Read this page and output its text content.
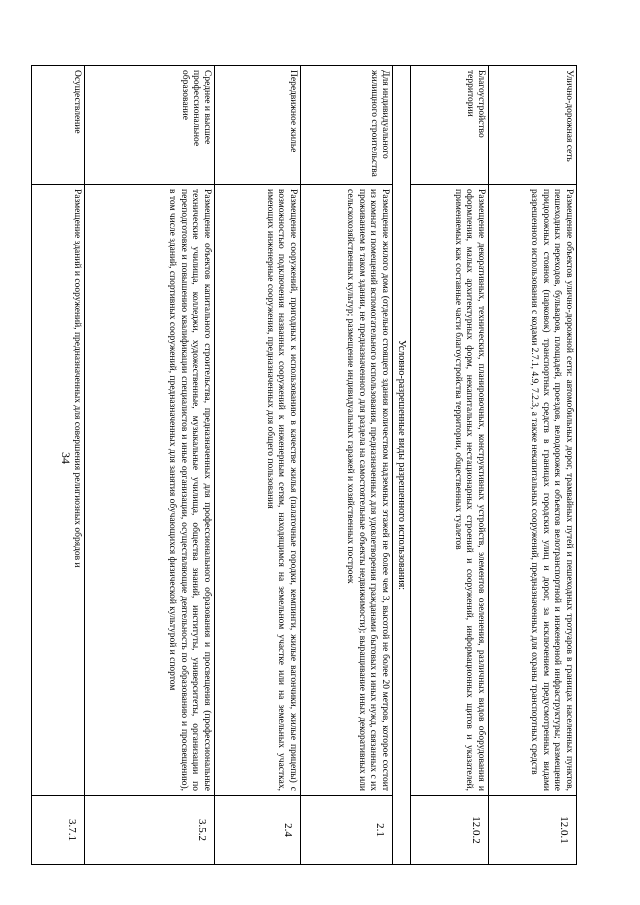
34
Улично-дорожная сеть	Размещение объектов улично-дорожной сети: автомобильных дорог, трамвайных путей и пешеходных тротуаров в границах населенных пунктов, пешеходных переходов, бульваров, площадей, проездов, велодорожек и объектов велотранспортной и инженерной инфраструктуры; размещение придорожных стоянок (парковок) транспортных средств в границах городских улиц и дорог, за исключением предусмотренных видами разрешенного использования с кодами 2.7.1, 4.9, 7.2.3, а также некапитальных сооружений, предназначенных для охраны транспортных средств	12.0.1
Благоустройство территории	Размещение декоративных, технических, планировочных, конструктивных устройств, элементов озеленения, различных видов оборудования и оформления, малых архитектурных форм, некапитальных нестационарных строений и сооружений, информационных щитов и указателей, применяемых как составные части благоустройства территории, общественных туалетов	12.0.2
Условно-разрешенные виды разрешенного использования:		
Для индивидуального жилищного строительства	Размещение жилого дома (отдельно стоящего здания количеством надземных этажей не более чем 3, высотой не более 20 метров, которое состоит из комнат и помещений вспомогательного использования, предназначенных для удовлетворения гражданами бытовых и иных нужд, связанных с их проживанием в таком здании, не предназначенного для раздела на самостоятельные объекты недвижимости); выращивание иных декоративных или сельскохозяйственных культур; размещение индивидуальных гаражей и хозяйственных построек	2.1
Передвижное жилье	Размещение сооружений, пригодных к использованию в качестве жилья (палаточные городки, кемпинги, жилые вагончики, жилые прицепы) с возможностью подключения названных сооружений к инженерным сетям, находящимся на земельном участке или на земельных участках, имеющих инженерные сооружения, предназначенных для общего пользования	2.4
Среднее и высшее профессиональное образование	Размещение объектов капитального строительства, предназначенных для профессионального образования и просвещения (профессиональные технические училища, колледжи, художественные, музыкальные училища, общества знаний, институты, университеты, организации по переподготовке и повышению квалификации специалистов и иные организации, осуществляющие деятельность по образованию и просвещению), в том числе зданий, спортивных сооружений, предназначенных для занятия обучающихся физической культурой и спортом	3.5.2
Осуществление	Размещение зданий и сооружений, предназначенных для совершения религиозных обрядов и	3.7.1
